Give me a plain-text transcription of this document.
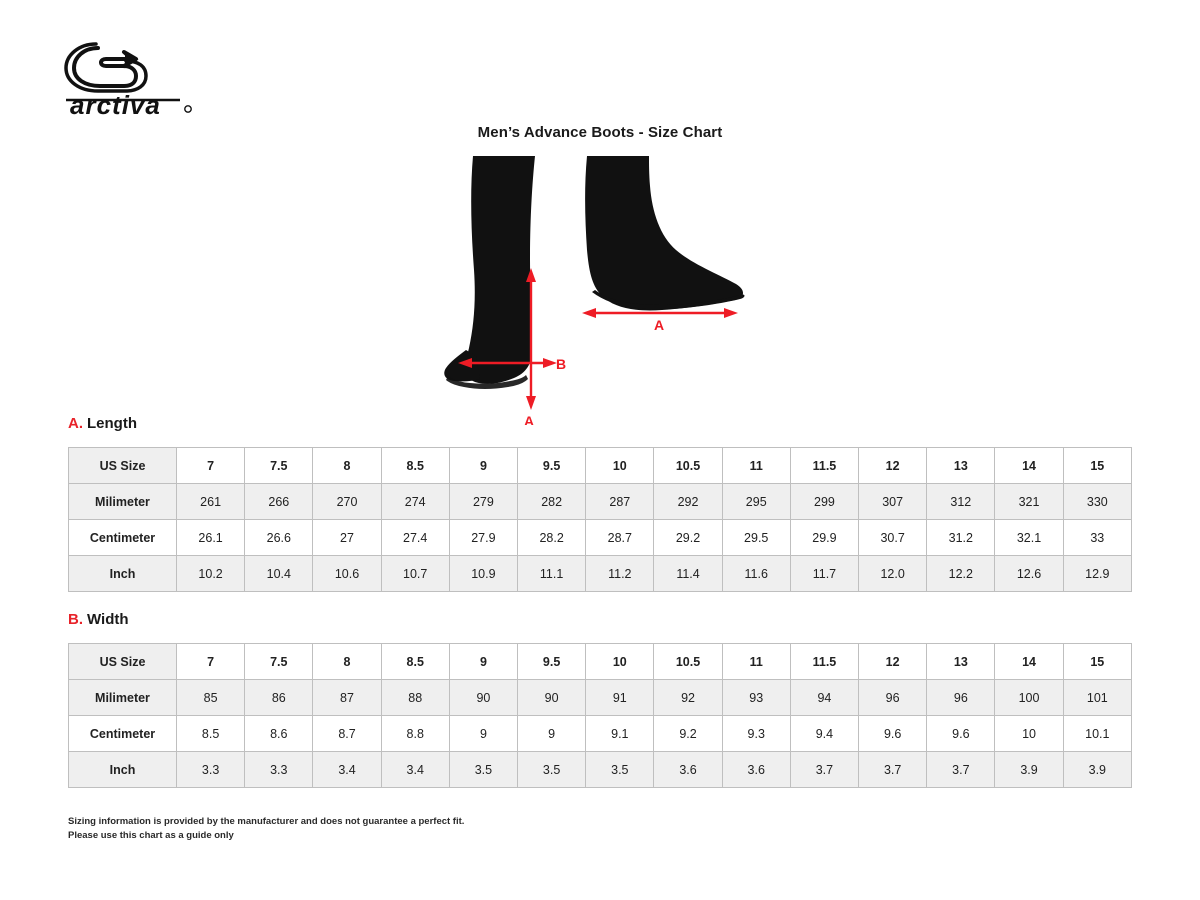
arctiva
Men’s Advance Boots - Size Chart
B
A
A
A. Length
US Size	7	7.5	8	8.5	9	9.5	10	10.5	11	11.5	12	13	14	15
Milimeter	261	266	270	274	279	282	287	292	295	299	307	312	321	330
Centimeter	26.1	26.6	27	27.4	27.9	28.2	28.7	29.2	29.5	29.9	30.7	31.2	32.1	33
Inch	10.2	10.4	10.6	10.7	10.9	11.1	11.2	11.4	11.6	11.7	12.0	12.2	12.6	12.9
B. Width
US Size	7	7.5	8	8.5	9	9.5	10	10.5	11	11.5	12	13	14	15
Milimeter	85	86	87	88	90	90	91	92	93	94	96	96	100	101
Centimeter	8.5	8.6	8.7	8.8	9	9	9.1	9.2	9.3	9.4	9.6	9.6	10	10.1
Inch	3.3	3.3	3.4	3.4	3.5	3.5	3.5	3.6	3.6	3.7	3.7	3.7	3.9	3.9
Sizing information is provided by the manufacturer and does not guarantee a perfect fit.
Please use this chart as a guide only
